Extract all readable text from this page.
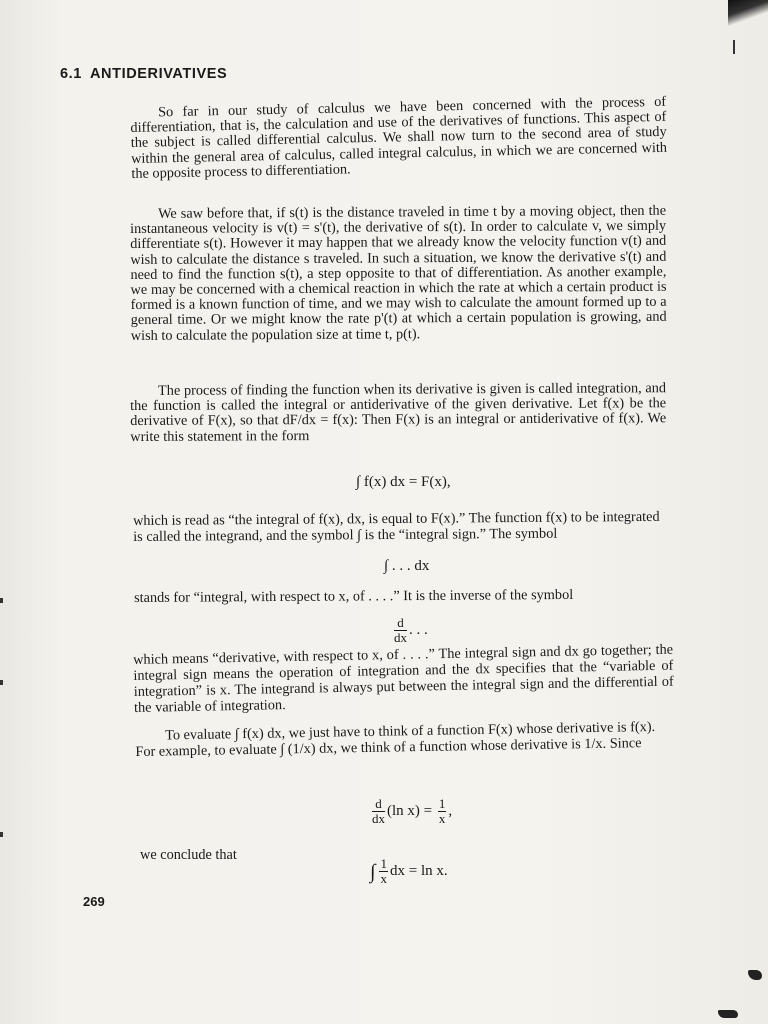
6.1 ANTIDERIVATIVES
So far in our study of calculus we have been concerned with the process of differentiation, that is, the calculation and use of the derivatives of functions. This aspect of the subject is called differential calculus. We shall now turn to the second area of study within the general area of calculus, called integral calculus, in which we are concerned with the opposite process to differentiation.
We saw before that, if s(t) is the distance traveled in time t by a moving object, then the instantaneous velocity is v(t) = s'(t), the derivative of s(t). In order to calculate v, we simply differentiate s(t). However it may happen that we already know the velocity function v(t) and wish to calculate the distance s traveled. In such a situation, we know the derivative s'(t) and need to find the function s(t), a step opposite to that of differentiation. As another example, we may be concerned with a chemical reaction in which the rate at which a certain product is formed is a known function of time, and we may wish to calculate the amount formed up to a general time. Or we might know the rate p'(t) at which a certain population is growing, and wish to calculate the population size at time t, p(t).
The process of finding the function when its derivative is given is called integration, and the function is called the integral or antiderivative of the given derivative. Let f(x) be the derivative of F(x), so that dF/dx = f(x): Then F(x) is an integral or antiderivative of f(x). We write this statement in the form
∫ f(x) dx = F(x),
which is read as “the integral of f(x), dx, is equal to F(x).” The function f(x) to be integrated is called the integrand, and the symbol ∫ is the “integral sign.” The symbol
∫ . . . dx
stands for “integral, with respect to x, of . . . .” It is the inverse of the symbol
$\frac{d}{dx}$ . . .
which means “derivative, with respect to x, of . . . .” The integral sign and dx go together; the integral sign means the operation of integration and the dx specifies that the “variable of integration” is x. The integrand is always put between the integral sign and the differential of the variable of integration.
To evaluate ∫ f(x) dx, we just have to think of a function F(x) whose derivative is f(x). For example, to evaluate ∫ (1/x) dx, we think of a function whose derivative is 1/x. Since
$\frac{d}{dx} (\ln$ $x) = \frac{1}{x}$ ,
we conclude that
∫ $\frac{1}{x}$ dx = ln x.
269
